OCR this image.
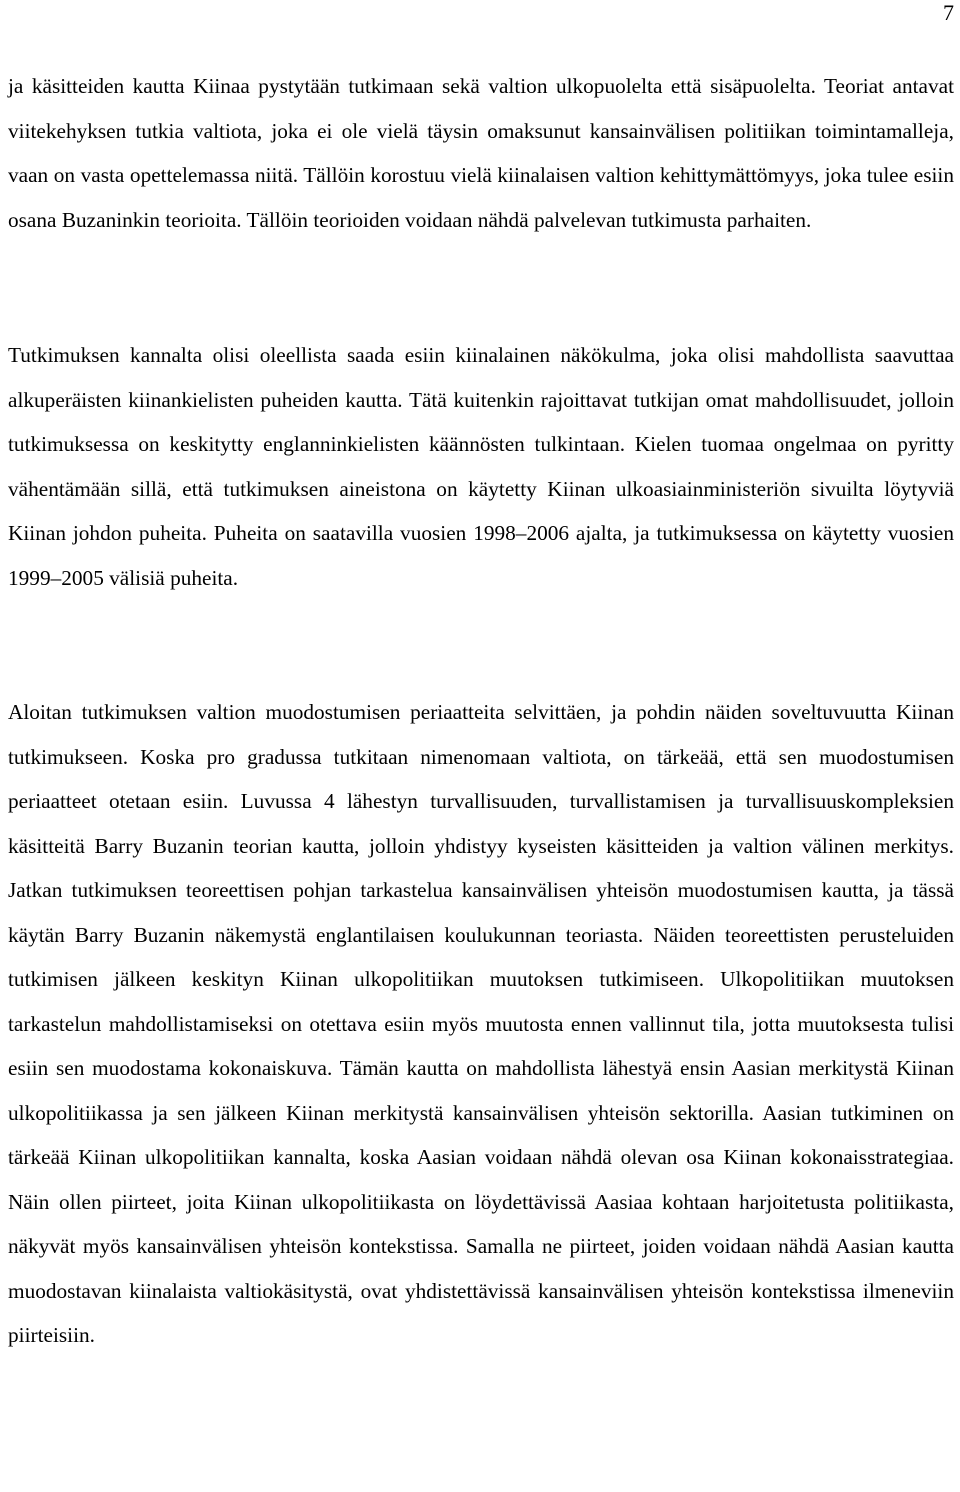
7

ja käsitteiden kautta Kiinaa pystytään tutkimaan sekä valtion ulkopuolelta että sisäpuolelta. Teoriat antavat viitekehyksen tutkia valtiota, joka ei ole vielä täysin omaksunut kansainvälisen politiikan toimintamalleja, vaan on vasta opettelemassa niitä. Tällöin korostuu vielä kiinalaisen valtion kehittymättömyys, joka tulee esiin osana Buzaninkin teorioita. Tällöin teorioiden voidaan nähdä palvelevan tutkimusta parhaiten.

Tutkimuksen kannalta olisi oleellista saada esiin kiinalainen näkökulma, joka olisi mahdollista saavuttaa alkuperäisten kiinankielisten puheiden kautta. Tätä kuitenkin rajoittavat tutkijan omat mahdollisuudet, jolloin tutkimuksessa on keskitytty englanninkielisten käännösten tulkintaan. Kielen tuomaa ongelmaa on pyritty vähentämään sillä, että tutkimuksen aineistona on käytetty Kiinan ulkoasiainministeriön sivuilta löytyviä Kiinan johdon puheita. Puheita on saatavilla vuosien 1998–2006 ajalta, ja tutkimuksessa on käytetty vuosien 1999–2005 välisiä puheita.

Aloitan tutkimuksen valtion muodostumisen periaatteita selvittäen, ja pohdin näiden soveltuvuutta Kiinan tutkimukseen. Koska pro gradussa tutkitaan nimenomaan valtiota, on tärkeää, että sen muodostumisen periaatteet otetaan esiin. Luvussa 4 lähestyn turvallisuuden, turvallistamisen ja turvallisuuskompleksien käsitteitä Barry Buzanin teorian kautta, jolloin yhdistyy kyseisten käsitteiden ja valtion välinen merkitys. Jatkan tutkimuksen teoreettisen pohjan tarkastelua kansainvälisen yhteisön muodostumisen kautta, ja tässä käytän Barry Buzanin näkemystä englantilaisen koulukunnan teoriasta. Näiden teoreettisten perusteluiden tutkimisen jälkeen keskityn Kiinan ulkopolitiikan muutoksen tutkimiseen. Ulkopolitiikan muutoksen tarkastelun mahdollistamiseksi on otettava esiin myös muutosta ennen vallinnut tila, jotta muutoksesta tulisi esiin sen muodostama kokonaiskuva. Tämän kautta on mahdollista lähestyä ensin Aasian merkitystä Kiinan ulkopolitiikassa ja sen jälkeen Kiinan merkitystä kansainvälisen yhteisön sektorilla. Aasian tutkiminen on tärkeää Kiinan ulkopolitiikan kannalta, koska Aasian voidaan nähdä olevan osa Kiinan kokonaisstrategiaa. Näin ollen piirteet, joita Kiinan ulkopolitiikasta on löydettävissä Aasiaa kohtaan harjoitetusta politiikasta, näkyvät myös kansainvälisen yhteisön kontekstissa. Samalla ne piirteet, joiden voidaan nähdä Aasian kautta muodostavan kiinalaista valtiokäsitystä, ovat yhdistettävissä kansainvälisen yhteisön kontekstissa ilmeneviin piirteisiin.
